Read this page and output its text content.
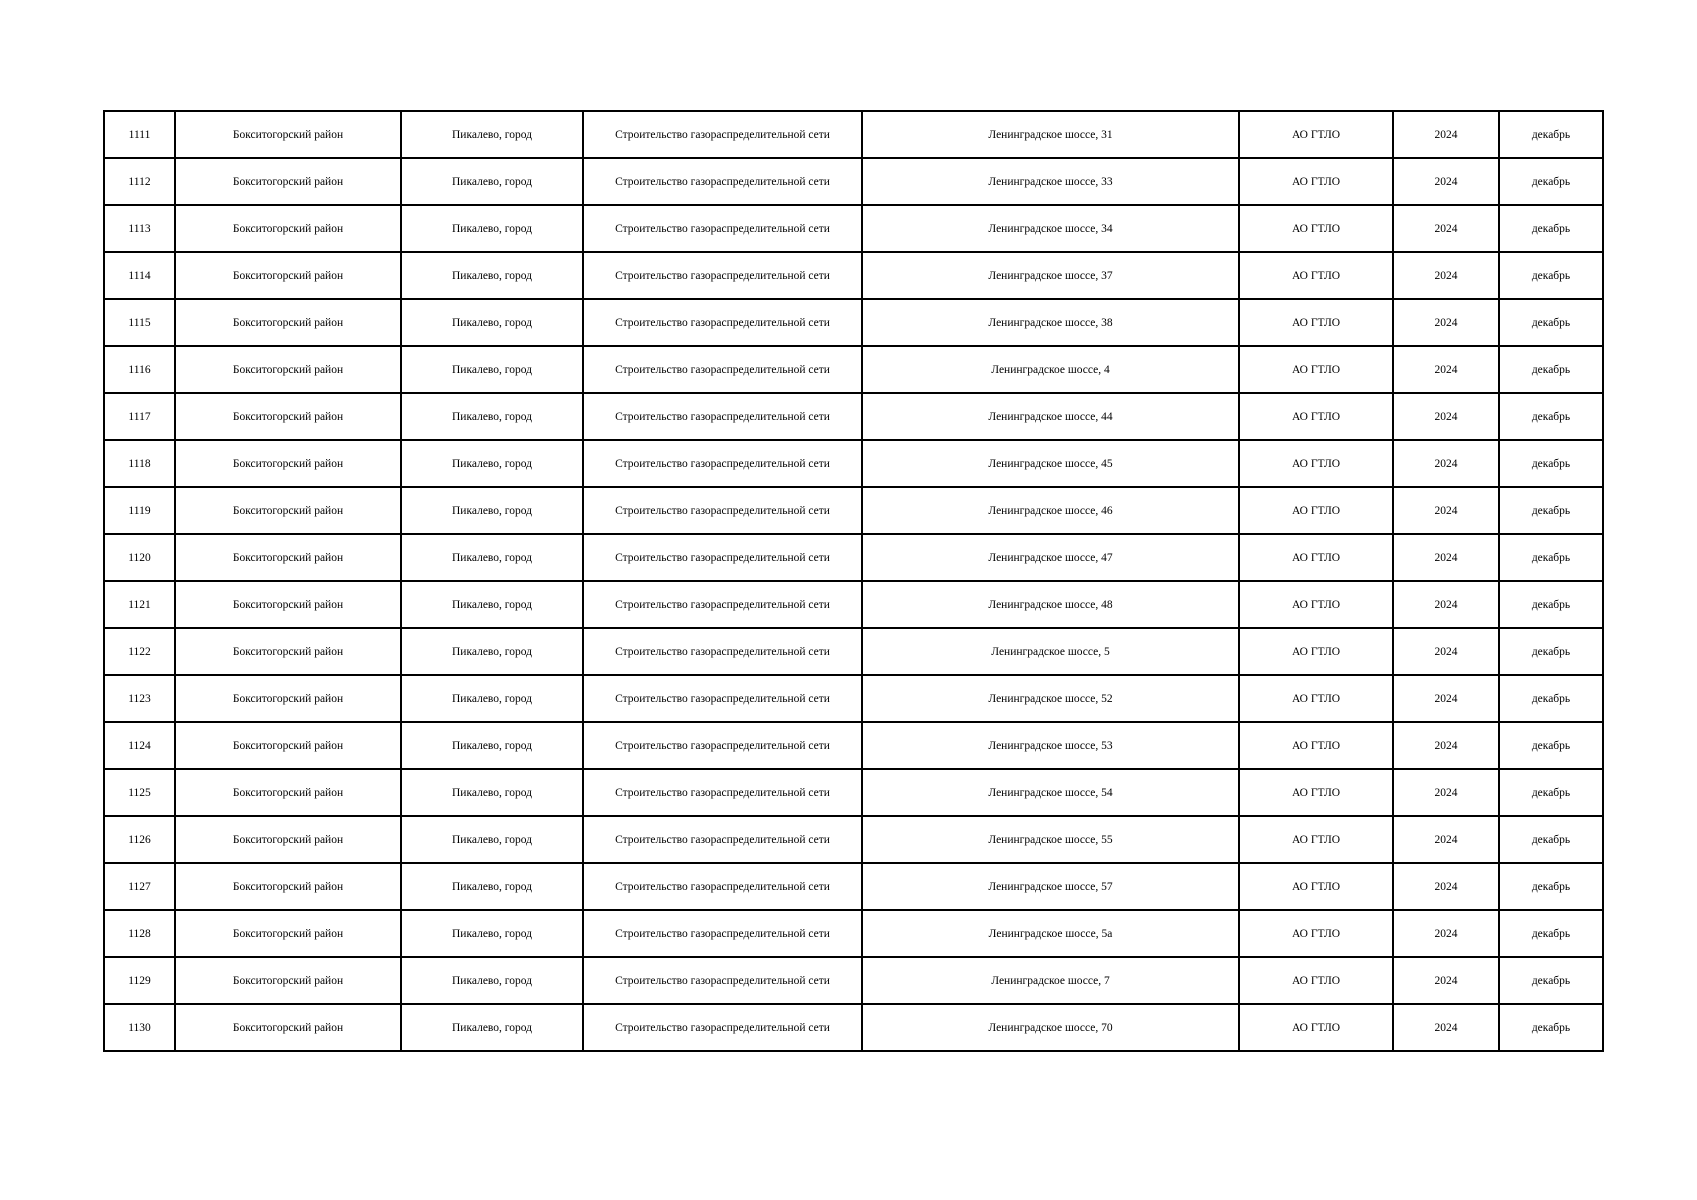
1111	Бокситогорский район	Пикалево, город	Строительство газораспределительной сети	Ленинградское шоссе, 31	АО ГТЛО	2024	декабрь
1112	Бокситогорский район	Пикалево, город	Строительство газораспределительной сети	Ленинградское шоссе, 33	АО ГТЛО	2024	декабрь
1113	Бокситогорский район	Пикалево, город	Строительство газораспределительной сети	Ленинградское шоссе, 34	АО ГТЛО	2024	декабрь
1114	Бокситогорский район	Пикалево, город	Строительство газораспределительной сети	Ленинградское шоссе, 37	АО ГТЛО	2024	декабрь
1115	Бокситогорский район	Пикалево, город	Строительство газораспределительной сети	Ленинградское шоссе, 38	АО ГТЛО	2024	декабрь
1116	Бокситогорский район	Пикалево, город	Строительство газораспределительной сети	Ленинградское шоссе, 4	АО ГТЛО	2024	декабрь
1117	Бокситогорский район	Пикалево, город	Строительство газораспределительной сети	Ленинградское шоссе, 44	АО ГТЛО	2024	декабрь
1118	Бокситогорский район	Пикалево, город	Строительство газораспределительной сети	Ленинградское шоссе, 45	АО ГТЛО	2024	декабрь
1119	Бокситогорский район	Пикалево, город	Строительство газораспределительной сети	Ленинградское шоссе, 46	АО ГТЛО	2024	декабрь
1120	Бокситогорский район	Пикалево, город	Строительство газораспределительной сети	Ленинградское шоссе, 47	АО ГТЛО	2024	декабрь
1121	Бокситогорский район	Пикалево, город	Строительство газораспределительной сети	Ленинградское шоссе, 48	АО ГТЛО	2024	декабрь
1122	Бокситогорский район	Пикалево, город	Строительство газораспределительной сети	Ленинградское шоссе, 5	АО ГТЛО	2024	декабрь
1123	Бокситогорский район	Пикалево, город	Строительство газораспределительной сети	Ленинградское шоссе, 52	АО ГТЛО	2024	декабрь
1124	Бокситогорский район	Пикалево, город	Строительство газораспределительной сети	Ленинградское шоссе, 53	АО ГТЛО	2024	декабрь
1125	Бокситогорский район	Пикалево, город	Строительство газораспределительной сети	Ленинградское шоссе, 54	АО ГТЛО	2024	декабрь
1126	Бокситогорский район	Пикалево, город	Строительство газораспределительной сети	Ленинградское шоссе, 55	АО ГТЛО	2024	декабрь
1127	Бокситогорский район	Пикалево, город	Строительство газораспределительной сети	Ленинградское шоссе, 57	АО ГТЛО	2024	декабрь
1128	Бокситогорский район	Пикалево, город	Строительство газораспределительной сети	Ленинградское шоссе, 5а	АО ГТЛО	2024	декабрь
1129	Бокситогорский район	Пикалево, город	Строительство газораспределительной сети	Ленинградское шоссе, 7	АО ГТЛО	2024	декабрь
1130	Бокситогорский район	Пикалево, город	Строительство газораспределительной сети	Ленинградское шоссе, 70	АО ГТЛО	2024	декабрь
